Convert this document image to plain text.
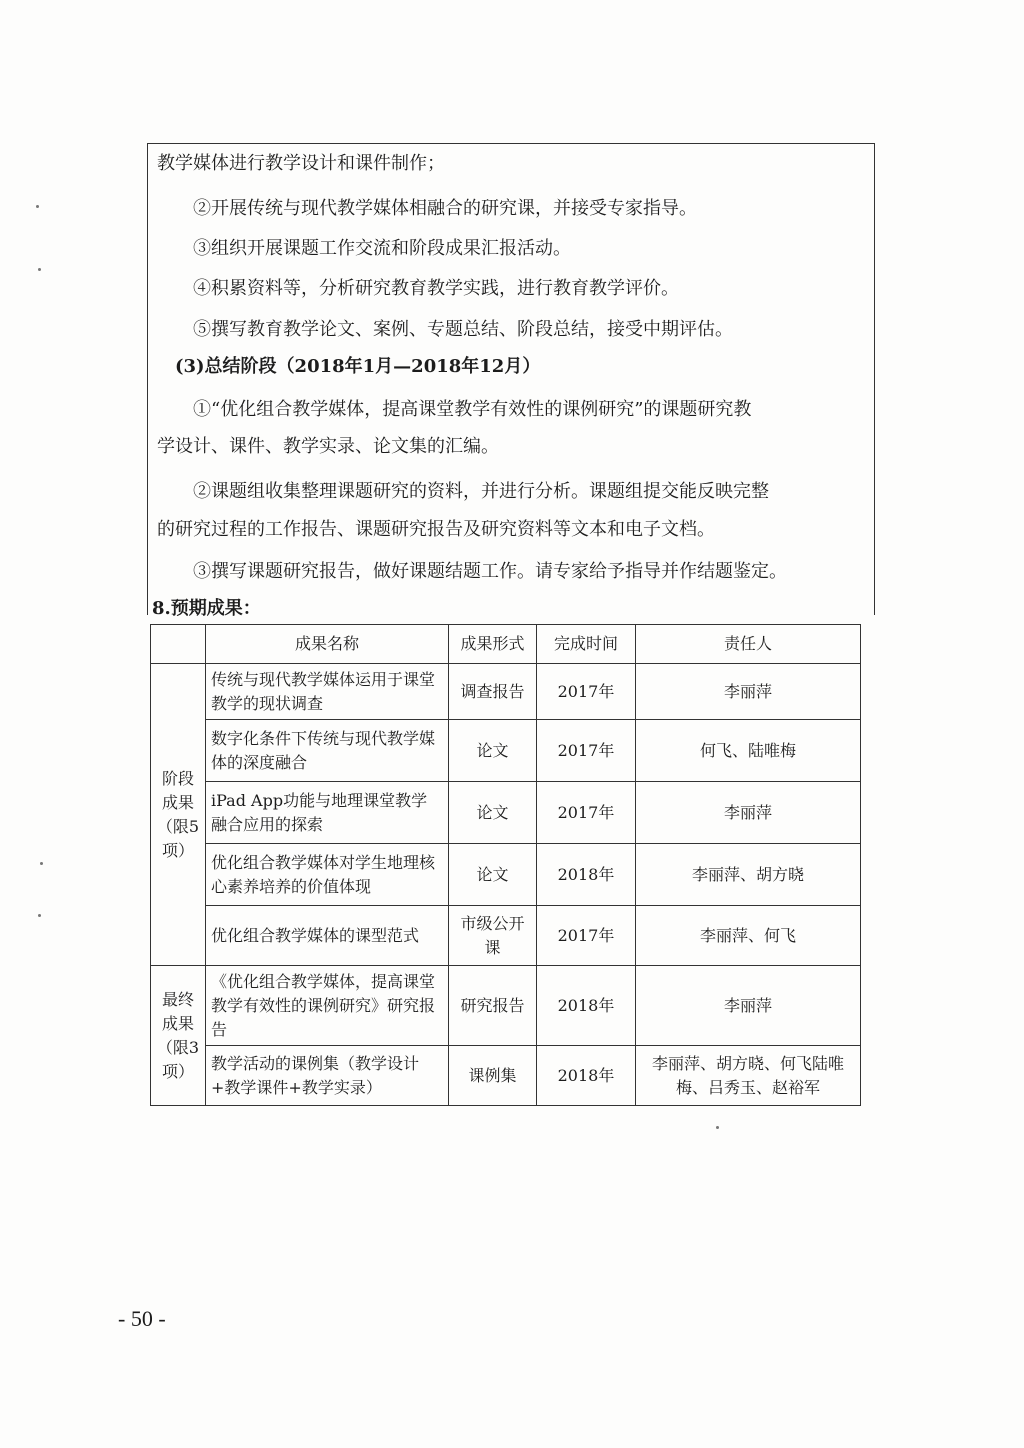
教学媒体进行教学设计和课件制作；
②开展传统与现代教学媒体相融合的研究课，并接受专家指导。
③组织开展课题工作交流和阶段成果汇报活动。
④积累资料等，分析研究教育教学实践，进行教育教学评价。
⑤撰写教育教学论文、案例、专题总结、阶段总结，接受中期评估。
(3)总结阶段（2018年1月—2018年12月）
①“优化组合教学媒体，提高课堂教学有效性的课例研究”的课题研究教
学设计、课件、教学实录、论文集的汇编。
②课题组收集整理课题研究的资料，并进行分析。课题组提交能反映完整
的研究过程的工作报告、课题研究报告及研究资料等文本和电子文档。
③撰写课题研究报告，做好课题结题工作。请专家给予指导并作结题鉴定。
8.预期成果：
	成果名称	成果形式	完成时间	责任人
阶段成果（限5项）	传统与现代教学媒体运用于课堂教学的现状调查	调查报告	2017年	李丽萍
	数字化条件下传统与现代教学媒体的深度融合	论文	2017年	何飞、陆唯梅
	iPad App功能与地理课堂教学融合应用的探索	论文	2017年	李丽萍
	优化组合教学媒体对学生地理核心素养培养的价值体现	论文	2018年	李丽萍、胡方晓
	优化组合教学媒体的课型范式	市级公开课	2017年	李丽萍、何飞
最终成果（限3项）	《优化组合教学媒体，提高课堂教学有效性的课例研究》研究报告	研究报告	2018年	李丽萍
	教学活动的课例集（教学设计+教学课件+教学实录）	课例集	2018年	李丽萍、胡方晓、何飞陆唯梅、吕秀玉、赵裕军
- 50 -
